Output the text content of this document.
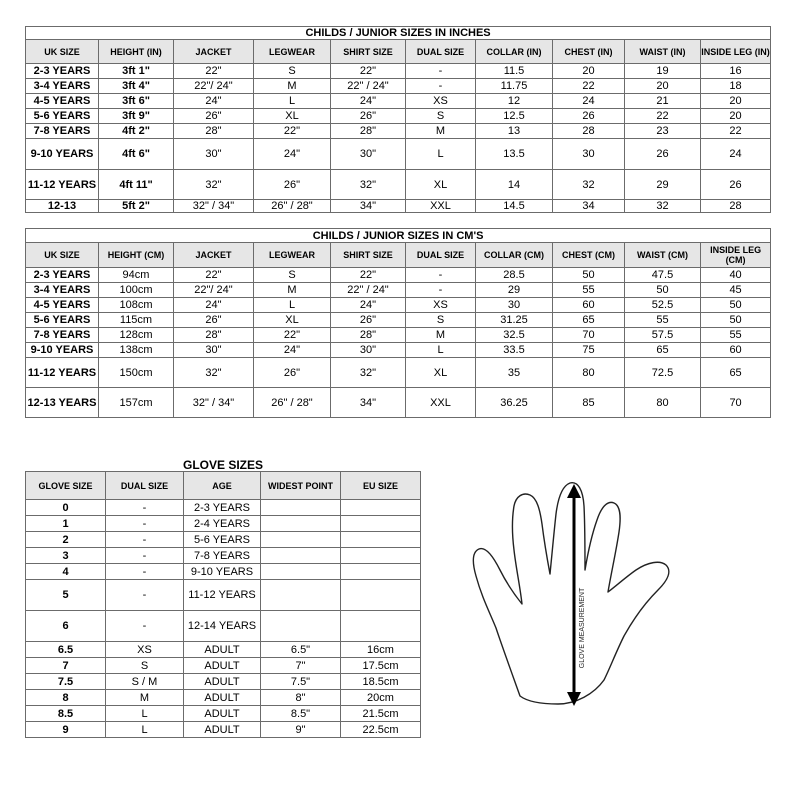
CHILDS / JUNIOR SIZES IN INCHES									
UK SIZE	HEIGHT (IN)	JACKET	LEGWEAR	SHIRT SIZE	DUAL SIZE	COLLAR (IN)	CHEST (IN)	WAIST (IN)	INSIDE LEG (IN)
2-3 YEARS	3ft 1"	22"	S	22"	-	11.5	20	19	16
3-4 YEARS	3ft 4"	22"/ 24"	M	22" / 24"	-	11.75	22	20	18
4-5 YEARS	3ft 6"	24"	L	24"	XS	12	24	21	20
5-6 YEARS	3ft 9"	26"	XL	26"	S	12.5	26	22	20
7-8 YEARS	4ft 2"	28"	22"	28"	M	13	28	23	22
9-10 YEARS	4ft 6"	30"	24"	30"	L	13.5	30	26	24
11-12 YEARS	4ft 11"	32"	26"	32"	XL	14	32	29	26
12-13	5ft 2"	32" / 34"	26" / 28"	34"	XXL	14.5	34	32	28
CHILDS / JUNIOR SIZES IN CM'S									
UK SIZE	HEIGHT (CM)	JACKET	LEGWEAR	SHIRT SIZE	DUAL SIZE	COLLAR (CM)	CHEST (CM)	WAIST (CM)	INSIDE LEG (CM)
2-3 YEARS	94cm	22"	S	22"	-	28.5	50	47.5	40
3-4 YEARS	100cm	22"/ 24"	M	22" / 24"	-	29	55	50	45
4-5 YEARS	108cm	24"	L	24"	XS	30	60	52.5	50
5-6 YEARS	115cm	26"	XL	26"	S	31.25	65	55	50
7-8 YEARS	128cm	28"	22"	28"	M	32.5	70	57.5	55
9-10 YEARS	138cm	30"	24"	30"	L	33.5	75	65	60
11-12 YEARS	150cm	32"	26"	32"	XL	35	80	72.5	65
12-13 YEARS	157cm	32" / 34"	26" / 28"	34"	XXL	36.25	85	80	70
GLOVE SIZES
GLOVE SIZE	DUAL SIZE	AGE	WIDEST POINT	EU SIZE
0	-	2-3 YEARS		
1	-	2-4 YEARS		
2	-	5-6 YEARS		
3	-	7-8 YEARS		
4	-	9-10 YEARS		
5	-	11-12 YEARS		
6	-	12-14 YEARS		
6.5	XS	ADULT	6.5"	16cm
7	S	ADULT	7"	17.5cm
7.5	S / M	ADULT	7.5"	18.5cm
8	M	ADULT	8"	20cm
8.5	L	ADULT	8.5"	21.5cm
9	L	ADULT	9"	22.5cm
GLOVE MEASUREMENT
